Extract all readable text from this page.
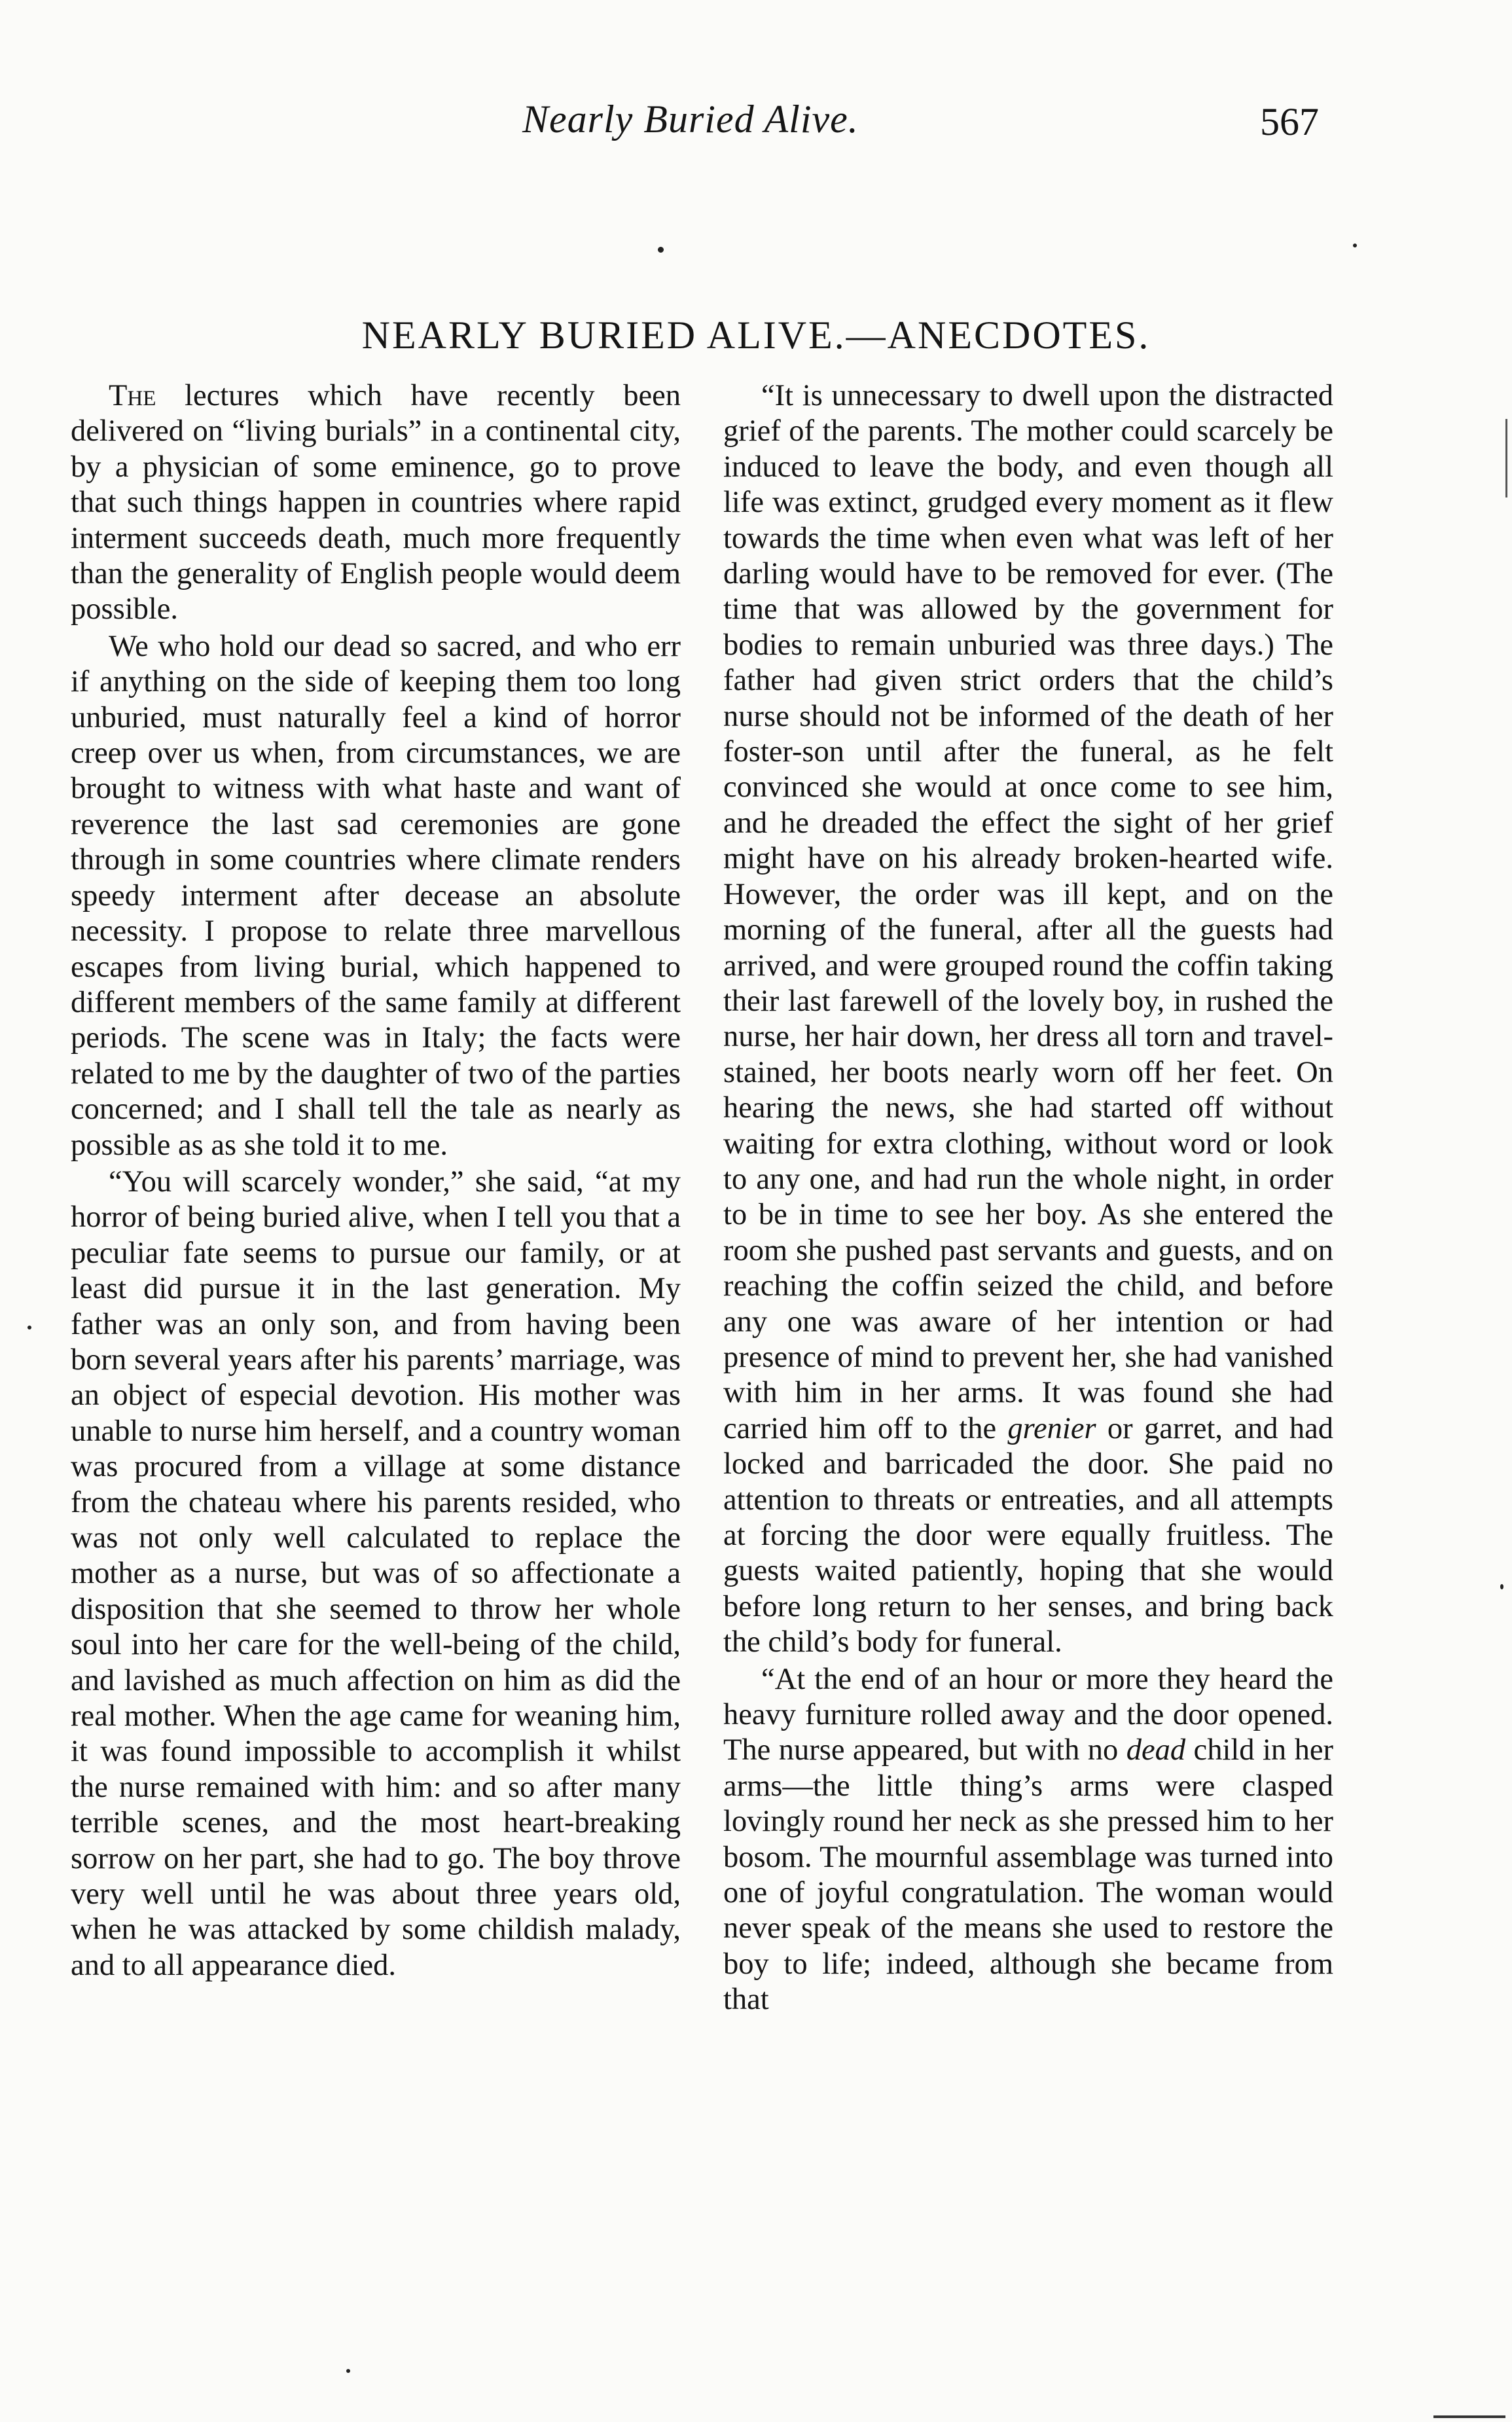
Nearly Buried Alive.	567
NEARLY BURIED ALIVE.—ANECDOTES.

The lectures which have recently been delivered on “living burials” in a continental city, by a physician of some eminence, go to prove that such things happen in countries where rapid interment succeeds death, much more frequently than the generality of English people would deem possible.

We who hold our dead so sacred, and who err if anything on the side of keeping them too long unburied, must naturally feel a kind of horror creep over us when, from circumstances, we are brought to witness with what haste and want of reverence the last sad ceremonies are gone through in some countries where climate renders speedy interment after decease an absolute necessity. I propose to relate three marvellous escapes from living burial, which happened to different members of the same family at different periods. The scene was in Italy; the facts were related to me by the daughter of two of the parties concerned; and I shall tell the tale as nearly as possible as as she told it to me.

“You will scarcely wonder,” she said, “at my horror of being buried alive, when I tell you that a peculiar fate seems to pursue our family, or at least did pursue it in the last generation. My father was an only son, and from having been born several years after his parents’ marriage, was an object of especial devotion. His mother was unable to nurse him herself, and a country woman was procured from a village at some distance from the chateau where his parents resided, who was not only well calculated to replace the mother as a nurse, but was of so affectionate a disposition that she seemed to throw her whole soul into her care for the well-being of the child, and lavished as much affection on him as did the real mother. When the age came for weaning him, it was found impossible to accomplish it whilst the nurse remained with him: and so after many terrible scenes, and the most heart-breaking sorrow on her part, she had to go. The boy throve very well until he was about three years old, when he was attacked by some childish malady, and to all appearance died.

“It is unnecessary to dwell upon the distracted grief of the parents. The mother could scarcely be induced to leave the body, and even though all life was extinct, grudged every moment as it flew towards the time when even what was left of her darling would have to be removed for ever. (The time that was allowed by the government for bodies to remain unburied was three days.) The father had given strict orders that the child’s nurse should not be informed of the death of her foster-son until after the funeral, as he felt convinced she would at once come to see him, and he dreaded the effect the sight of her grief might have on his already broken-hearted wife. However, the order was ill kept, and on the morning of the funeral, after all the guests had arrived, and were grouped round the coffin taking their last farewell of the lovely boy, in rushed the nurse, her hair down, her dress all torn and travel-stained, her boots nearly worn off her feet. On hearing the news, she had started off without waiting for extra clothing, without word or look to any one, and had run the whole night, in order to be in time to see her boy. As she entered the room she pushed past servants and guests, and on reaching the coffin seized the child, and before any one was aware of her intention or had presence of mind to prevent her, she had vanished with him in her arms. It was found she had carried him off to the grenier or garret, and had locked and barricaded the door. She paid no attention to threats or entreaties, and all attempts at forcing the door were equally fruitless. The guests waited patiently, hoping that she would before long return to her senses, and bring back the child’s body for funeral.

“At the end of an hour or more they heard the heavy furniture rolled away and the door opened. The nurse appeared, but with no dead child in her arms—the little thing’s arms were clasped lovingly round her neck as she pressed him to her bosom. The mournful assemblage was turned into one of joyful congratulation. The woman would never speak of the means she used to restore the boy to life; indeed, although she became from that
